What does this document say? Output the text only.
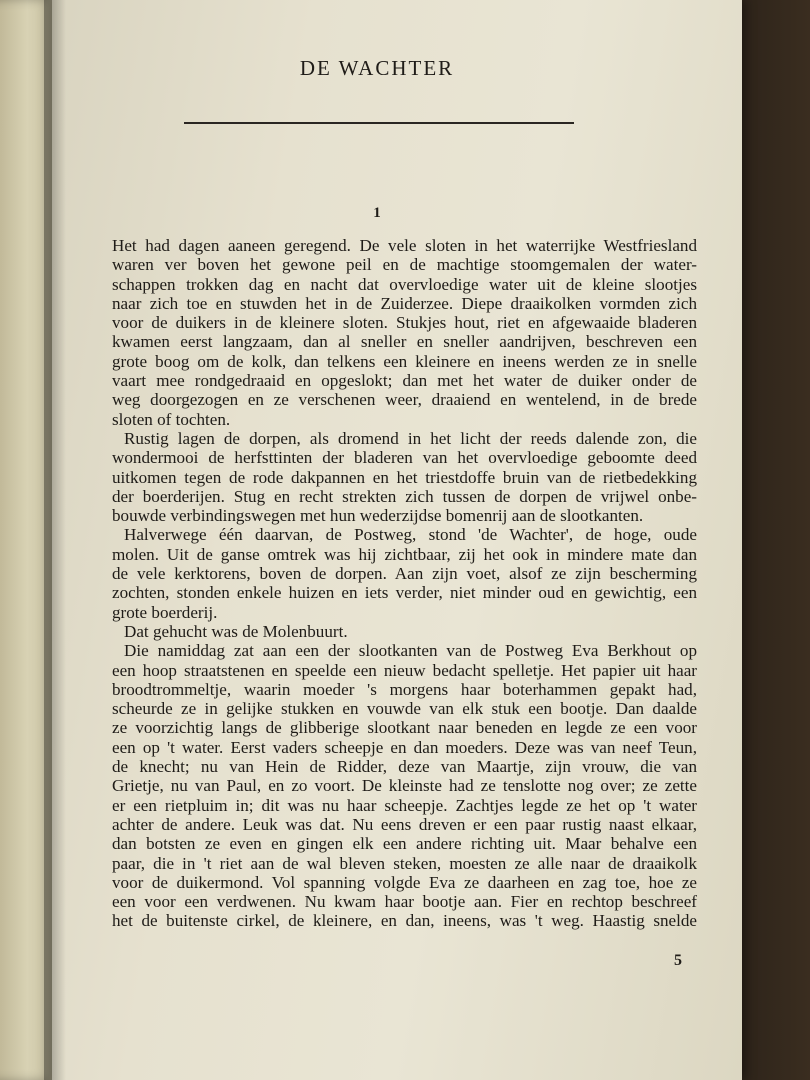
DE WACHTER
1
Het had dagen aaneen geregend. De vele sloten in het waterrijke Westfriesland
waren ver boven het gewone peil en de machtige stoomgemalen der water-
schappen trokken dag en nacht dat overvloedige water uit de kleine slootjes
naar zich toe en stuwden het in de Zuiderzee. Diepe draaikolken vormden zich
voor de duikers in de kleinere sloten. Stukjes hout, riet en afgewaaide bladeren
kwamen eerst langzaam, dan al sneller en sneller aandrijven, beschreven een
grote boog om de kolk, dan telkens een kleinere en ineens werden ze in snelle
vaart mee rondgedraaid en opgeslokt; dan met het water de duiker onder de
weg doorgezogen en ze verschenen weer, draaiend en wentelend, in de brede
sloten of tochten.
Rustig lagen de dorpen, als dromend in het licht der reeds dalende zon, die
wondermooi de herfsttinten der bladeren van het overvloedige geboomte deed
uitkomen tegen de rode dakpannen en het triestdoffe bruin van de rietbedekking
der boerderijen. Stug en recht strekten zich tussen de dorpen de vrijwel onbe-
bouwde verbindingswegen met hun wederzijdse bomenrij aan de slootkanten.
Halverwege één daarvan, de Postweg, stond 'de Wachter', de hoge, oude
molen. Uit de ganse omtrek was hij zichtbaar, zij het ook in mindere mate dan
de vele kerktorens, boven de dorpen. Aan zijn voet, alsof ze zijn bescherming
zochten, stonden enkele huizen en iets verder, niet minder oud en gewichtig, een
grote boerderij.
Dat gehucht was de Molenbuurt.
Die namiddag zat aan een der slootkanten van de Postweg Eva Berkhout op
een hoop straatstenen en speelde een nieuw bedacht spelletje. Het papier uit haar
broodtrommeltje, waarin moeder 's morgens haar boterhammen gepakt had,
scheurde ze in gelijke stukken en vouwde van elk stuk een bootje. Dan daalde
ze voorzichtig langs de glibberige slootkant naar beneden en legde ze een voor
een op 't water. Eerst vaders scheepje en dan moeders. Deze was van neef Teun,
de knecht; nu van Hein de Ridder, deze van Maartje, zijn vrouw, die van
Grietje, nu van Paul, en zo voort. De kleinste had ze tenslotte nog over; ze zette
er een rietpluim in; dit was nu haar scheepje. Zachtjes legde ze het op 't water
achter de andere. Leuk was dat. Nu eens dreven er een paar rustig naast elkaar,
dan botsten ze even en gingen elk een andere richting uit. Maar behalve een
paar, die in 't riet aan de wal bleven steken, moesten ze alle naar de draaikolk
voor de duikermond. Vol spanning volgde Eva ze daarheen en zag toe, hoe ze
een voor een verdwenen. Nu kwam haar bootje aan. Fier en rechtop beschreef
het de buitenste cirkel, de kleinere, en dan, ineens, was 't weg. Haastig snelde
5
